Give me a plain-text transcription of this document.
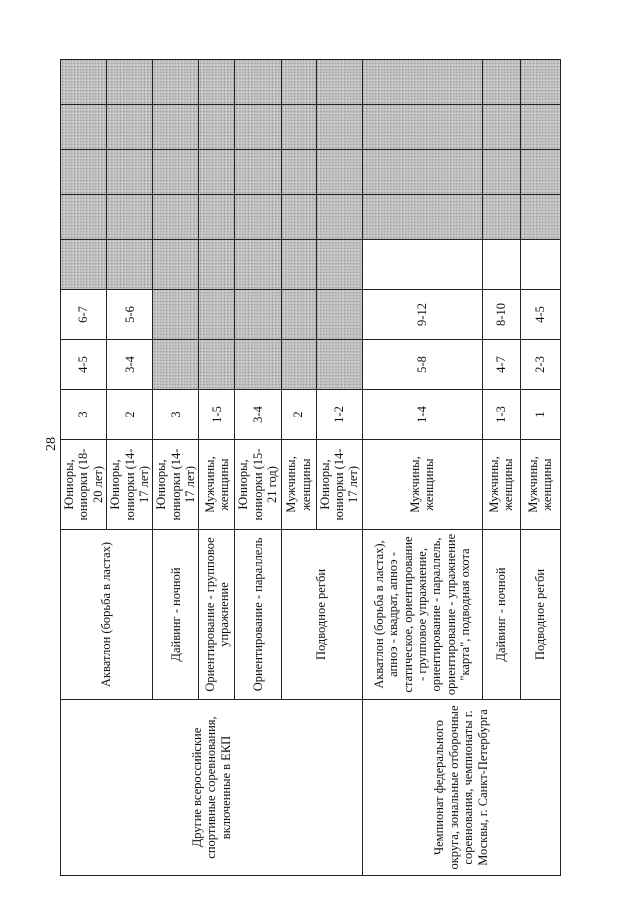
28
Другие всероссийские спортивные соревнования, включенные в ЕКП	Акватлон (борьба в ластах)	Юниоры, юниорки (18-20 лет)	3	4-5	6-7					
		Юниоры, юниорки (14-17 лет)	2	3-4	5-6					
	Дайвинг - ночной	Юниоры, юниорки (14-17 лет)	3							
	Ориентирование - групповое упражнение	Мужчины, женщины	1-5							
	Ориентирование - параллель	Юниоры, юниорки (15-21 год)	3-4							
	Подводное регби	Мужчины, женщины	2							
		Юниоры, юниорки (14-17 лет)	1-2							
Чемпионат федерального округа, зональные отборочные соревнования, чемпионаты г. Москвы, г. Санкт-Петербурга	Акватлон (борьба в ластах), апноэ - квадрат, апноэ - статическое, ориентирование - групповое упражнение, ориентирование - параллель, ориентирование - упражнение "карта", подводная охота	Мужчины, женщины	1-4	5-8	9-12					
	Дайвинг - ночной	Мужчины, женщины	1-3	4-7	8-10					
	Подводное регби	Мужчины, женщины	1	2-3	4-5					
